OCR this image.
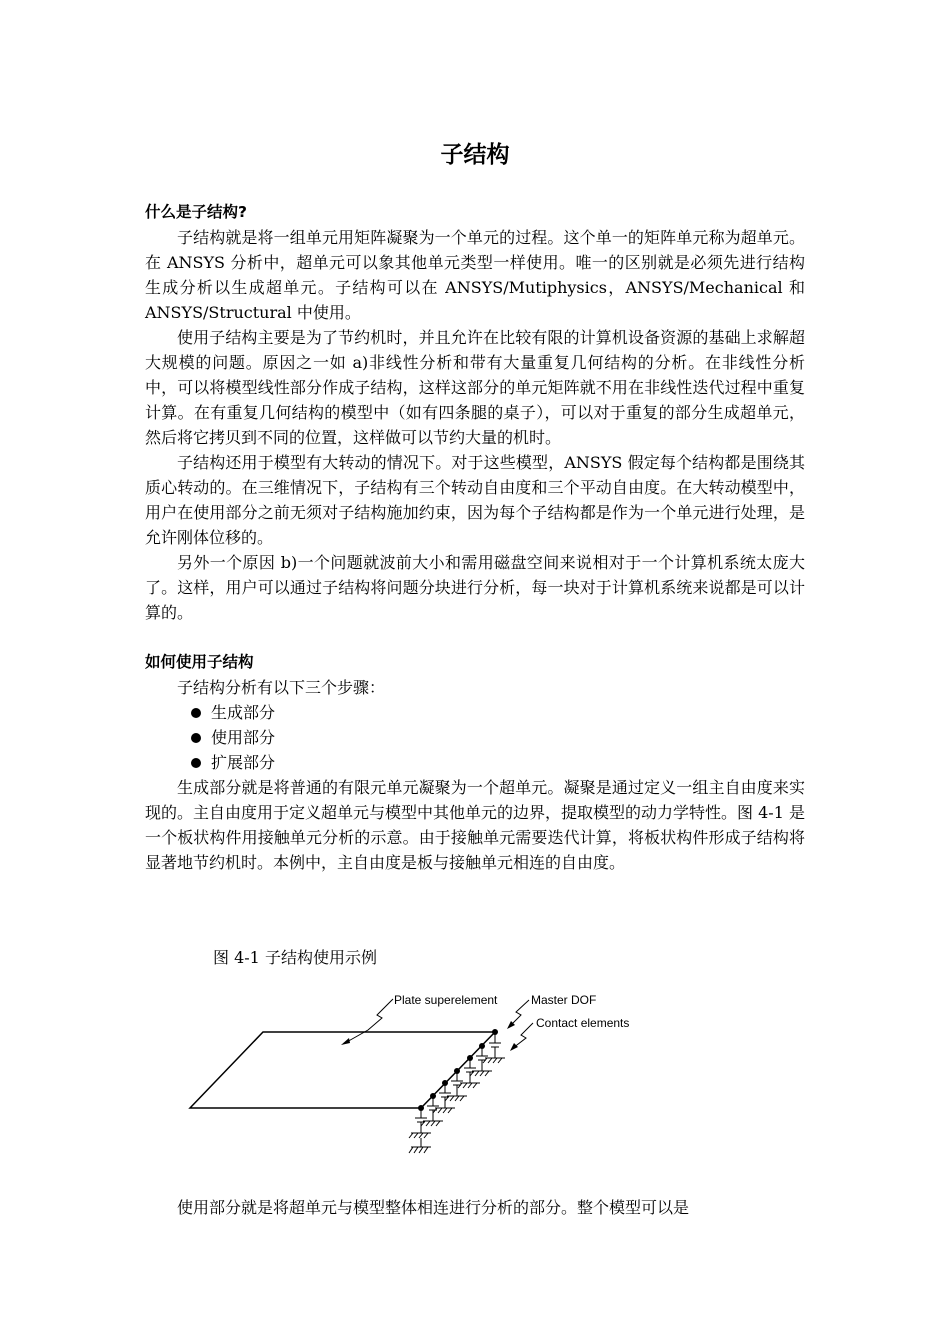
子结构

什么是子结构?

子结构就是将一组单元用矩阵凝聚为一个单元的过程。这个单一的矩阵单元称为超单元。在 ANSYS 分析中，超单元可以象其他单元类型一样使用。唯一的区别就是必须先进行结构生成分析以生成超单元。子结构可以在 ANSYS/Mutiphysics，ANSYS/Mechanical 和 ANSYS/Structural 中使用。

使用子结构主要是为了节约机时，并且允许在比较有限的计算机设备资源的基础上求解超大规模的问题。原因之一如 a)非线性分析和带有大量重复几何结构的分析。在非线性分析中，可以将模型线性部分作成子结构，这样这部分的单元矩阵就不用在非线性迭代过程中重复计算。在有重复几何结构的模型中（如有四条腿的桌子），可以对于重复的部分生成超单元，然后将它拷贝到不同的位置，这样做可以节约大量的机时。

子结构还用于模型有大转动的情况下。对于这些模型，ANSYS 假定每个结构都是围绕其质心转动的。在三维情况下，子结构有三个转动自由度和三个平动自由度。在大转动模型中，用户在使用部分之前无须对子结构施加约束，因为每个子结构都是作为一个单元进行处理，是允许刚体位移的。

另外一个原因 b)一个问题就波前大小和需用磁盘空间来说相对于一个计算机系统太庞大了。这样，用户可以通过子结构将问题分块进行分析，每一块对于计算机系统来说都是可以计算的。

如何使用子结构

子结构分析有以下三个步骤：

生成部分
使用部分
扩展部分

生成部分就是将普通的有限元单元凝聚为一个超单元。凝聚是通过定义一组主自由度来实现的。主自由度用于定义超单元与模型中其他单元的边界，提取模型的动力学特性。图 4-1 是一个板状构件用接触单元分析的示意。由于接触单元需要迭代计算，将板状构件形成子结构将显著地节约机时。本例中，主自由度是板与接触单元相连的自由度。

图 4-1 子结构使用示例

Plate superelement	Master DOF
Contact elements

使用部分就是将超单元与模型整体相连进行分析的部分。整个模型可以是
